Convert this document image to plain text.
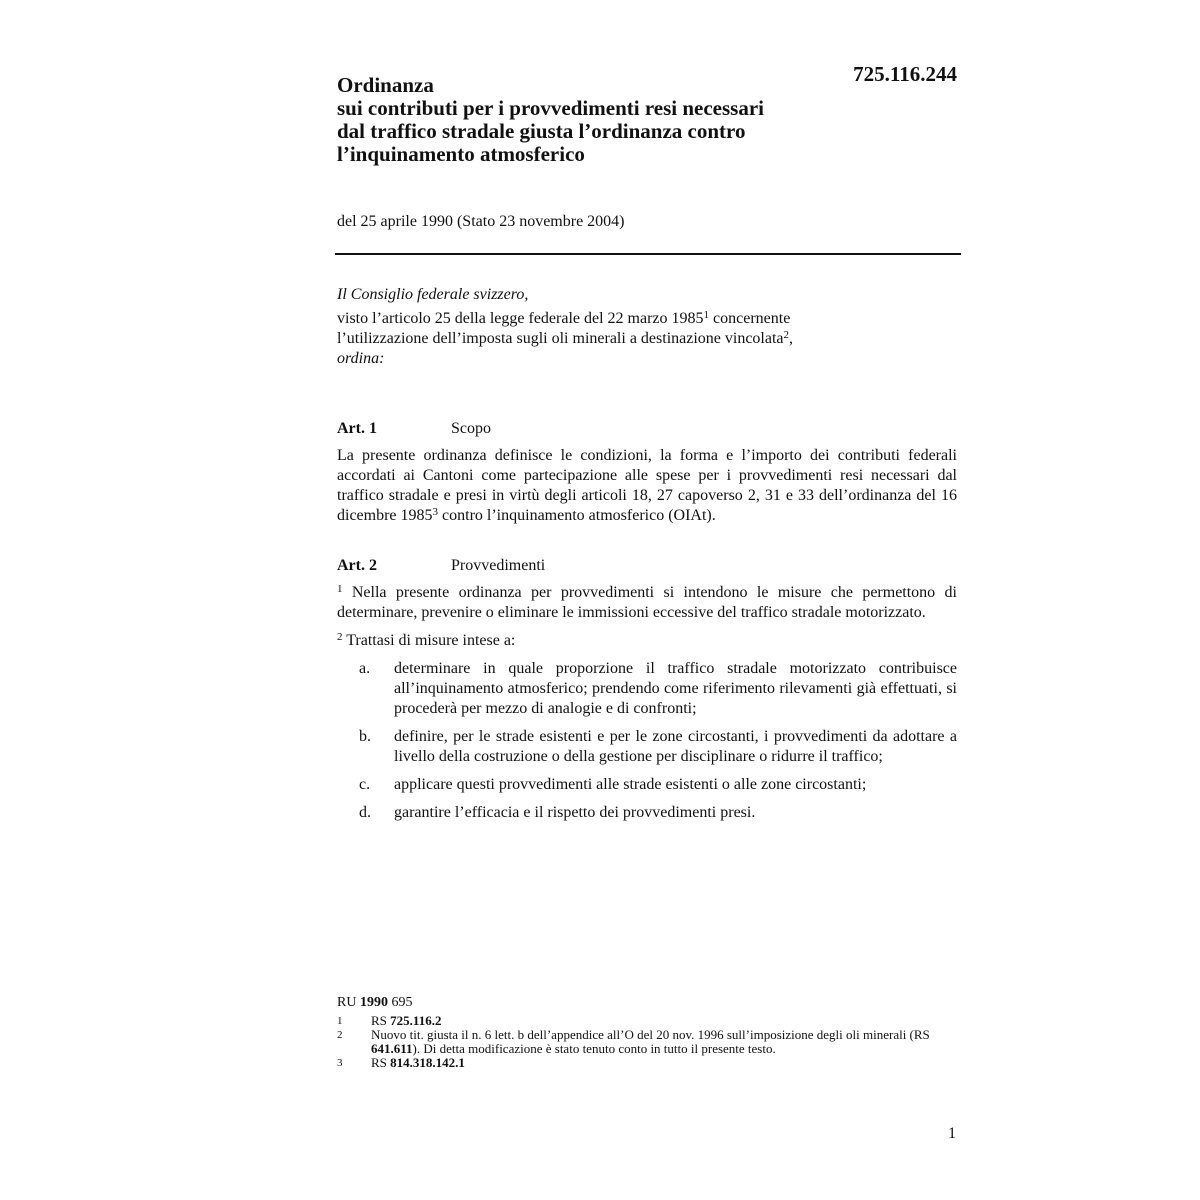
725.116.244
Ordinanza
sui contributi per i provvedimenti resi necessari
dal traffico stradale giusta l’ordinanza contro
l’inquinamento atmosferico
del 25 aprile 1990 (Stato 23 novembre 2004)
Il Consiglio federale svizzero,
visto l’articolo 25 della legge federale del 22 marzo 1985$^1$ concernente
l’utilizzazione dell’imposta sugli oli minerali a destinazione vincolata$^2$,
ordina:
Art. 1	Scopo
La presente ordinanza definisce le condizioni, la forma e l’importo dei contributi federali accordati ai Cantoni come partecipazione alle spese per i provvedimenti resi necessari dal traffico stradale e presi in virtù degli articoli 18, 27 capoverso 2, 31 e 33 dell’ordinanza del 16 dicembre 1985$^3$ contro l’inquinamento atmosferico (OIAt).
Art. 2	Provvedimenti
$^1$ Nella presente ordinanza per provvedimenti si intendono le misure che permettono di determinare, prevenire o eliminare le immissioni eccessive del traffico stradale motorizzato.
$^2$ Trattasi di misure intese a:
a.	determinare in quale proporzione il traffico stradale motorizzato contribuisce all’inquinamento atmosferico; prendendo come riferimento rilevamenti già effettuati, si procederà per mezzo di analogie e di confronti;
b.	definire, per le strade esistenti e per le zone circostanti, i provvedimenti da adottare a livello della costruzione o della gestione per disciplinare o ridurre il traffico;
c.	applicare questi provvedimenti alle strade esistenti o alle zone circostanti;
d.	garantire l’efficacia e il rispetto dei provvedimenti presi.
RU 1990 695
1	RS 725.116.2
2	Nuovo tit. giusta il n. 6 lett. b dell’appendice all’O del 20 nov. 1996 sull’imposizione degli oli minerali (RS 641.611). Di detta modificazione è stato tenuto conto in tutto il presente testo.
3	RS 814.318.142.1
1
